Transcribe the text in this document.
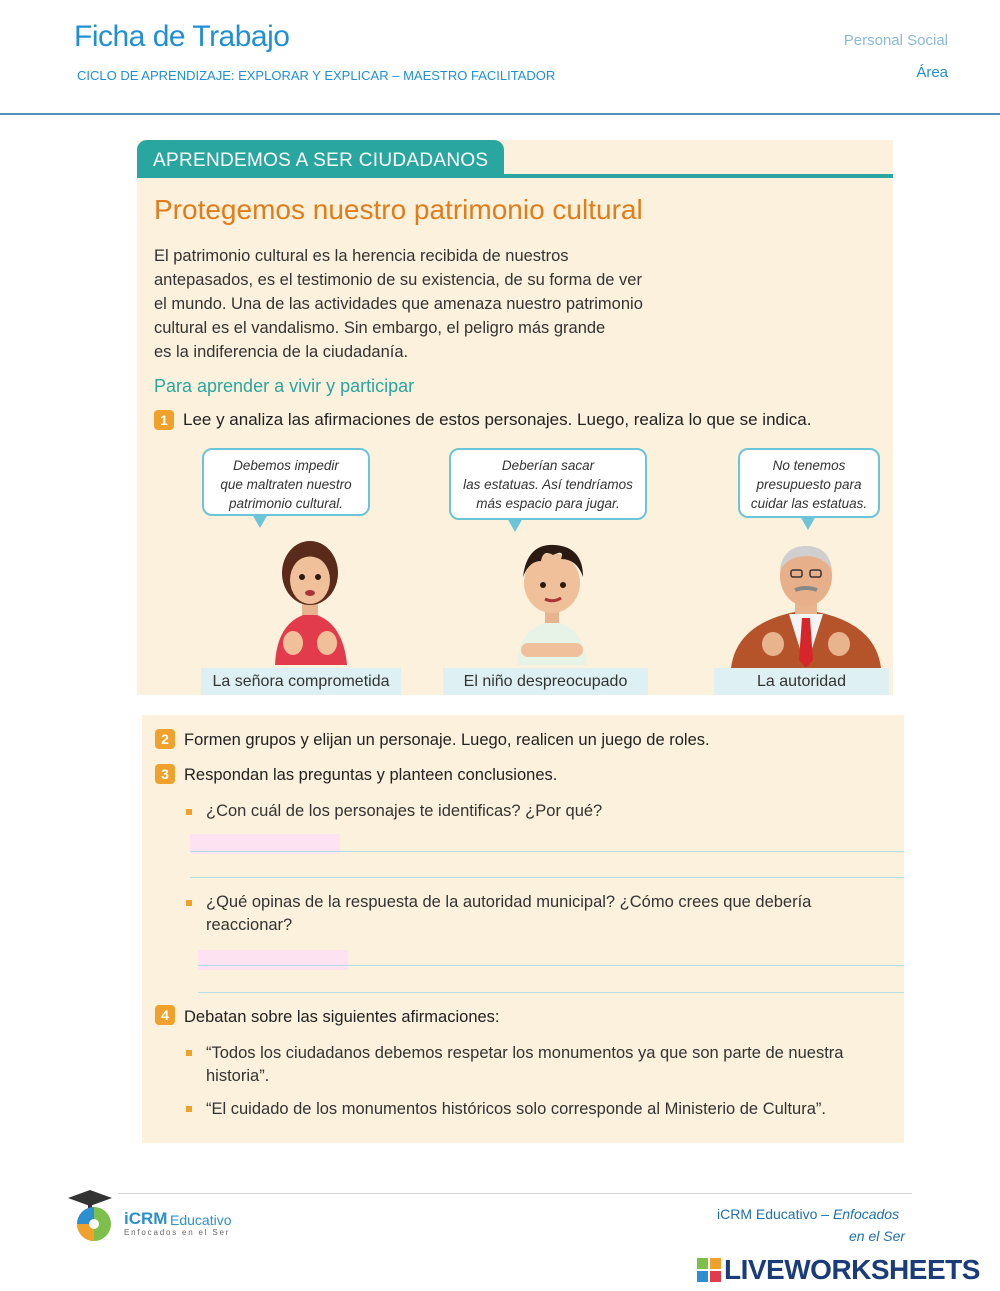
Ficha de Trabajo
CICLO DE APRENDIZAJE: EXPLORAR Y EXPLICAR – MAESTRO FACILITADOR
Personal Social
Área
APRENDEMOS A SER CIUDADANOS
Protegemos nuestro patrimonio cultural
El patrimonio cultural es la herencia recibida de nuestros
antepasados, es el testimonio de su existencia, de su forma de ver
el mundo. Una de las actividades que amenaza nuestro patrimonio
cultural es el vandalismo. Sin embargo, el peligro más grande
es la indiferencia de la ciudadanía.
Para aprender a vivir y participar
1 Lee y analiza las afirmaciones de estos personajes. Luego, realiza lo que se indica.
Debemos impedir
que maltraten nuestro
patrimonio cultural.
Deberían sacar
las estatuas. Así tendríamos
más espacio para jugar.
No tenemos
presupuesto para
cuidar las estatuas.
La señora comprometida	El niño despreocupado	La autoridad
2 Formen grupos y elijan un personaje. Luego, realicen un juego de roles.
3 Respondan las preguntas y planteen conclusiones.
¿Con cuál de los personajes te identificas? ¿Por qué?
¿Qué opinas de la respuesta de la autoridad municipal? ¿Cómo crees que debería
reaccionar?
4 Debatan sobre las siguientes afirmaciones:
“Todos los ciudadanos debemos respetar los monumentos ya que son parte de nuestra
historia”.
“El cuidado de los monumentos históricos solo corresponde al Ministerio de Cultura”.
iCRM Educativo
Enfocados en el Ser
iCRM Educativo – Enfocados
en el Ser
LIVEWORKSHEETS
